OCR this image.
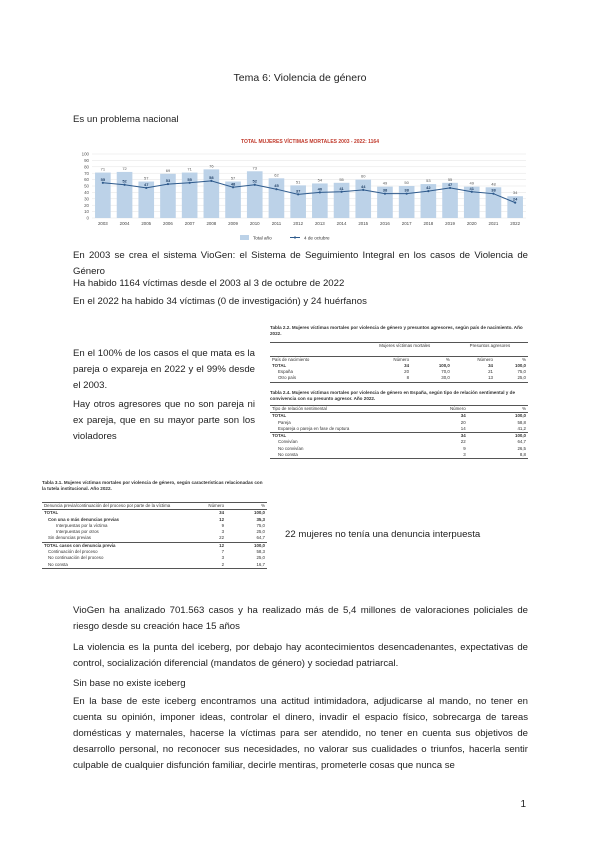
Tema 6: Violencia de género
Es un problema nacional
0
10
20
30
40
50
60
70
80
90
100
71	72
57
69	71
76
57
73
62
51	54	55
60
49	50	53	55
49	48
34
55	52
47
53	55	58
48
52
45
37	40	41	44
38	38
42
47
41	38
24
2003	2004	2005	2006	2007	2008	2009	2010	2011	2012	2013	2014	2015	2016	2017	2018	2019	2020	2021	2022
TOTAL MUJERES VÍCTIMAS MORTALES 2003 - 2022: 1164
Total año	4 de octubre
En 2003 se crea el sistema VioGen: el Sistema de Seguimiento Integral en los casos de Violencia de Género
Ha habido 1164 víctimas desde el 2003 al 3 de octubre de 2022
En el 2022 ha habido 34 víctimas (0 de investigación) y 24 huérfanos
En el 100% de los casos el que mata es la pareja o expareja en 2022 y el 99% desde el 2003.
Hay otros agresores que no son pareja ni ex pareja, que en su mayor parte son los violadores
Tabla 2.2. Mujeres víctimas mortales por violencia de género y presuntos agresores, según país de nacimiento. Año 2022.
	Mujeres víctimas mortales		Presuntos agresores	

País de nacimiento	Número	%	Número	%
TOTAL	34	100,0	34	100,0
España	20	70,0	21	75,0
Otro país	8	30,0	13	25,0
Tabla 2.4. Mujeres víctimas mortales por violencia de género en España, según tipo de relación sentimental y de convivencia con su presunto agresor. Año 2022.
Tipo de relación sentimental	Número	%
TOTAL	34	100,0
Pareja	20	58,8
Expareja o pareja en fase de ruptura	14	41,2
TOTAL	34	100,0
Convivían	22	64,7
No convivían	9	26,5
No consta	3	8,8
Tabla 3.1. Mujeres víctimas mortales por violencia de género, según características relacionadas con la tutela institucional. Año 2022.
Denuncia previa/continuación del proceso por parte de la víctima	Número	%
TOTAL	34	100,0
Con una o más denuncias previas	12	35,3
Interpuestas por la víctima	9	75,0
Interpuestas por otros	3	25,0
Sin denuncias previas	22	64,7
TOTAL casos con denuncia previa	12	100,0
Continuación del proceso	7	58,3
No continuación del proceso	3	25,0
No consta	2	16,7
22 mujeres no tenía una denuncia interpuesta
VioGen ha analizado 701.563 casos y ha realizado más de 5,4 millones de valoraciones policiales de riesgo desde su creación hace 15 años
La violencia es la punta del iceberg, por debajo hay acontecimientos desencadenantes, expectativas de control, socialización diferencial (mandatos de género) y sociedad patriarcal.
Sin base no existe iceberg
En la base de este iceberg encontramos una actitud intimidadora, adjudicarse al mando, no tener en cuenta su opinión, imponer ideas, controlar el dinero, invadir el espacio físico, sobrecarga de tareas domésticas y maternales, hacerse la víctimas para ser atendido, no tener en cuenta sus objetivos de desarrollo personal, no reconocer sus necesidades, no valorar sus cualidades o triunfos, hacerla sentir culpable de cualquier disfunción familiar, decirle mentiras, prometerle cosas que nunca se
1
